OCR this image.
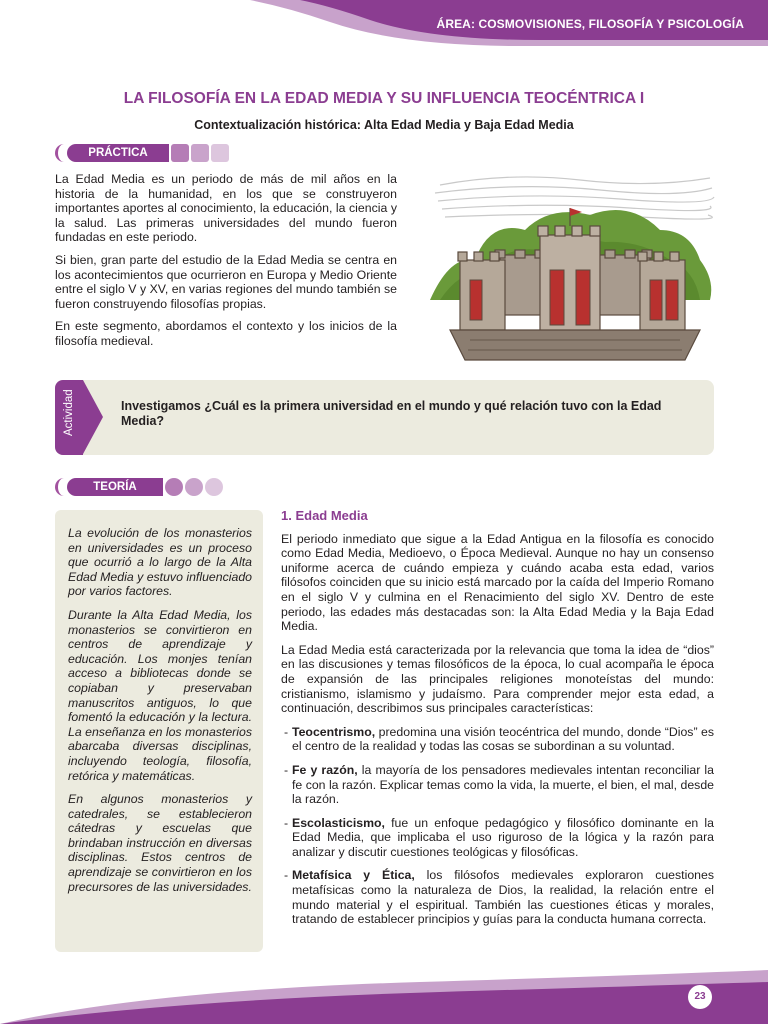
ÁREA: COSMOVISIONES, FILOSOFÍA Y PSICOLOGÍA
LA FILOSOFÍA EN LA EDAD MEDIA Y SU INFLUENCIA TEOCÉNTRICA I
Contextualización histórica: Alta Edad Media y Baja Edad Media
PRÁCTICA

La Edad Media es un periodo de más de mil años en la historia de la humanidad, en los que se construyeron importantes aportes al conocimiento, la educación, la ciencia y la salud. Las primeras universidades del mundo fueron fundadas en este periodo.

Si bien, gran parte del estudio de la Edad Media se centra en los acontecimientos que ocurrieron en Europa y Medio Oriente entre el siglo V y XV, en varias regiones del mundo también se fueron construyendo filosofías propias.

En este segmento, abordamos el contexto y los inicios de la filosofía medieval.

Actividad	Investigamos ¿Cuál es la primera universidad en el mundo y qué relación tuvo con la Edad Media?
TEORÍA

La evolución de los monasterios en universidades es un proceso que ocurrió a lo largo de la Alta Edad Media y estuvo influenciado por varios factores.

Durante la Alta Edad Media, los monasterios se convirtieron en centros de aprendizaje y educación. Los monjes tenían acceso a bibliotecas donde se copiaban y preservaban manuscritos antiguos, lo que fomentó la educación y la lectura. La enseñanza en los monasterios abarcaba diversas disciplinas, incluyendo teología, filosofía, retórica y matemáticas.

En algunos monasterios y catedrales, se establecieron cátedras y escuelas que brindaban instrucción en diversas disciplinas. Estos centros de aprendizaje se convirtieron en los precursores de las universidades.

1. Edad Media

El periodo inmediato que sigue a la Edad Antigua en la filosofía es conocido como Edad Media, Medioevo, o Época Medieval. Aunque no hay un consenso uniforme acerca de cuándo empieza y cuándo acaba esta edad, varios filósofos coinciden que su inicio está marcado por la caída del Imperio Romano en el siglo V y culmina en el Renacimiento del siglo XV. Dentro de este periodo, las edades más destacadas son: la Alta Edad Media y la Baja Edad Media.

La Edad Media está caracterizada por la relevancia que toma la idea de “dios” en las discusiones y temas filosóficos de la época, lo cual acompaña le época de expansión de las principales religiones monoteístas del mundo: cristianismo, islamismo y judaísmo. Para comprender mejor esta edad, a continuación, describimos sus principales características:

- Teocentrismo, predomina una visión teocéntrica del mundo, donde “Dios” es el centro de la realidad y todas las cosas se subordinan a su voluntad.
- Fe y razón, la mayoría de los pensadores medievales intentan reconciliar la fe con la razón. Explicar temas como la vida, la muerte, el bien, el mal, desde la razón.
- Escolasticismo, fue un enfoque pedagógico y filosófico dominante en la Edad Media, que implicaba el uso riguroso de la lógica y la razón para analizar y discutir cuestiones teológicas y filosóficas.
- Metafísica y Ética, los filósofos medievales exploraron cuestiones metafísicas como la naturaleza de Dios, la realidad, la relación entre el mundo material y el espiritual. También las cuestiones éticas y morales, tratando de establecer principios y guías para la conducta humana correcta.
23
